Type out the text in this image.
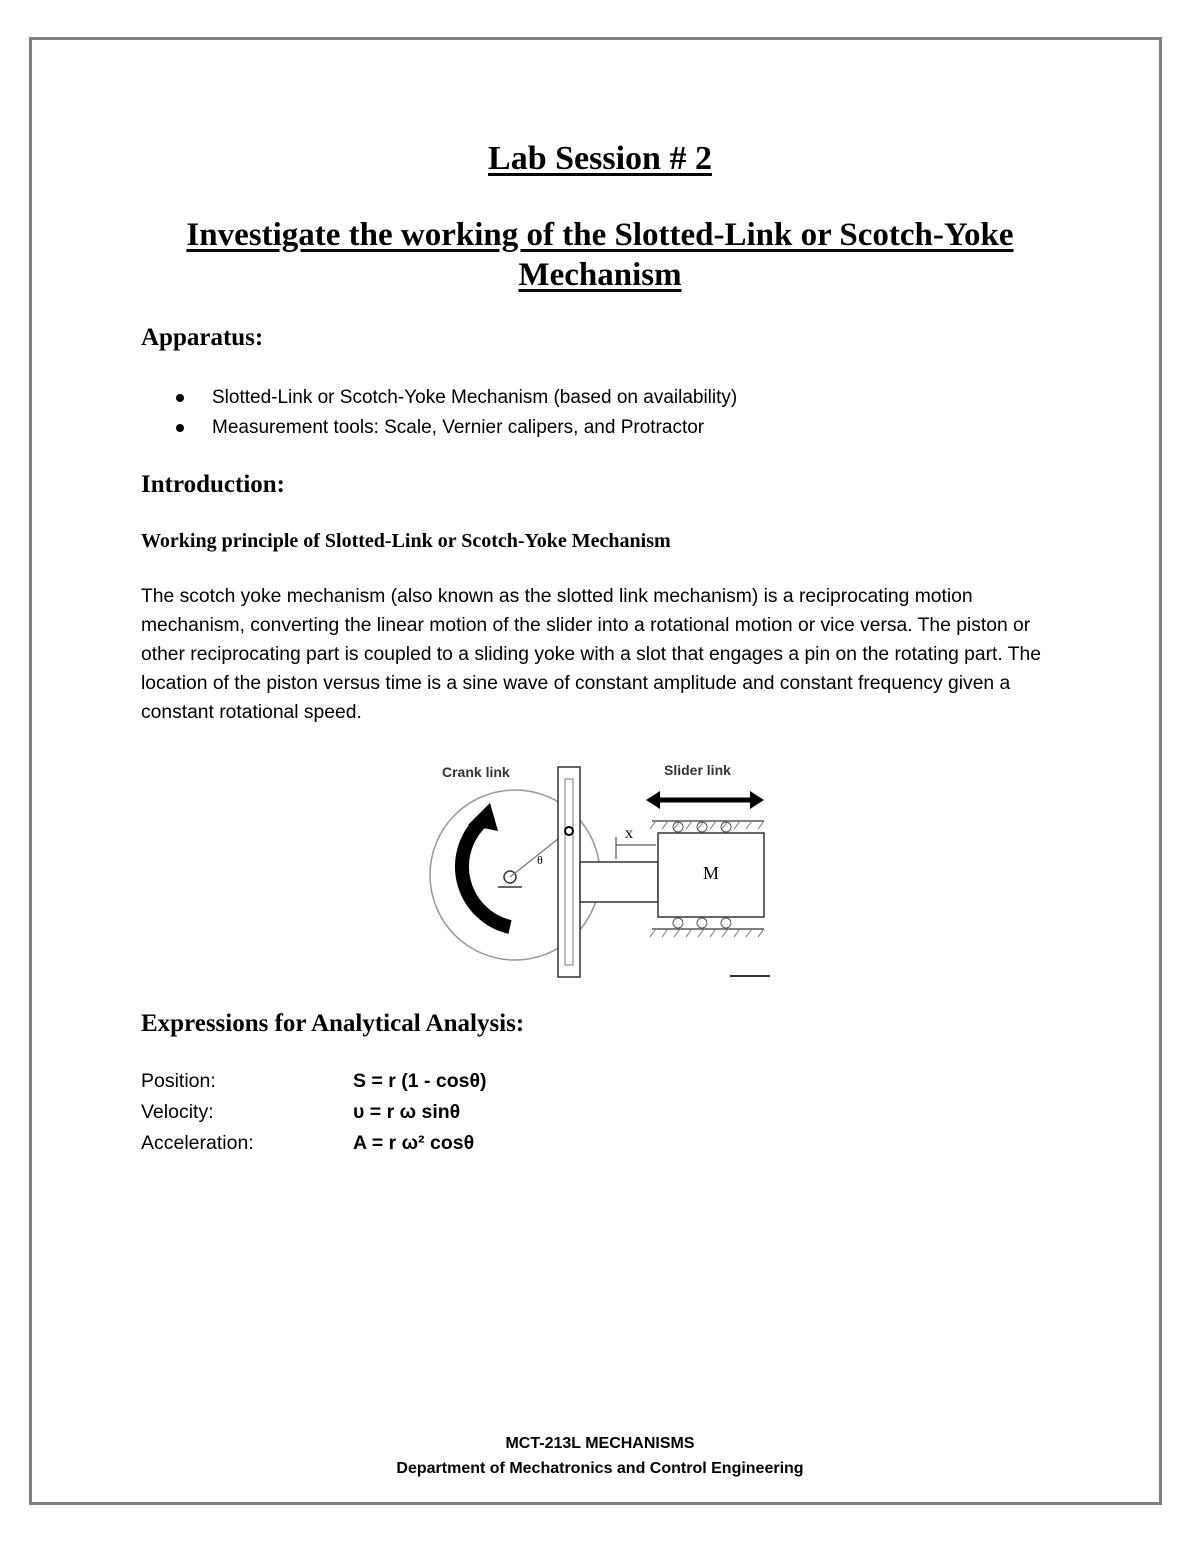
Lab Session # 2
Investigate the working of the Slotted-Link or Scotch-Yoke Mechanism
Apparatus:
Slotted-Link or Scotch-Yoke Mechanism (based on availability)
Measurement tools: Scale, Vernier calipers, and Protractor
Introduction:
Working principle of Slotted-Link or Scotch-Yoke Mechanism
The scotch yoke mechanism (also known as the slotted link mechanism) is a reciprocating motion mechanism, converting the linear motion of the slider into a rotational motion or vice versa. The piston or other reciprocating part is coupled to a sliding yoke with a slot that engages a pin on the rotating part. The location of the piston versus time is a sine wave of constant amplitude and constant frequency given a constant rotational speed.
M
x
θ
Crank link	Slider link
Expressions for Analytical Analysis:
Position:	S = r (1 - cosθ)
Velocity:	υ = r ω sinθ
Acceleration:	A = r ω² cosθ
MCT-213L MECHANISMS
Department of Mechatronics and Control Engineering
